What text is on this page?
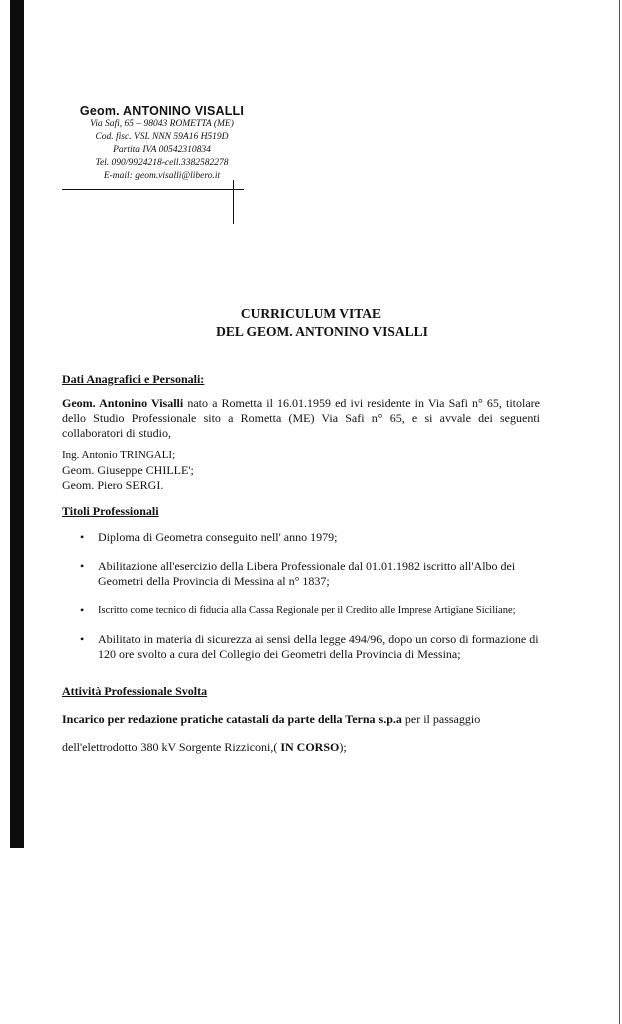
Geom. ANTONINO VISALLI
Via Safi, 65 – 98043 ROMETTA (ME)
Cod. fisc. VSL NNN 59A16 H519D
Partita IVA 00542310834
Tel. 090/9924218-cell.3382582278
E-mail: geom.visalli@libero.it
CURRICULUM VITAE
DEL GEOM. ANTONINO VISALLI
Dati Anagrafici e Personali:
Geom. Antonino Visalli nato a Rometta il 16.01.1959 ed ivi residente in Via Safi n° 65, titolare dello Studio Professionale sito a Rometta (ME) Via Safi n° 65, e si avvale dei seguenti collaboratori di studio,
Ing. Antonio TRINGALI;
Geom. Giuseppe CHILLE';
Geom. Piero SERGI.
Titoli Professionali
• Diploma di Geometra conseguito nell' anno 1979;
• Abilitazione all'esercizio della Libera Professionale dal 01.01.1982 iscritto all'Albo dei Geometri della Provincia di Messina al n° 1837;
• Iscritto come tecnico di fiducia alla Cassa Regionale per il Credito alle Imprese Artigiane Siciliane;
• Abilitato in materia di sicurezza ai sensi della legge 494/96, dopo un corso di formazione di 120 ore svolto a cura del Collegio dei Geometri della Provincia di Messina;
Attività Professionale Svolta
Incarico per redazione pratiche catastali da parte della Terna s.p.a per il passaggio
dell'elettrodotto 380 kV Sorgente Rizziconi,( IN CORSO);
